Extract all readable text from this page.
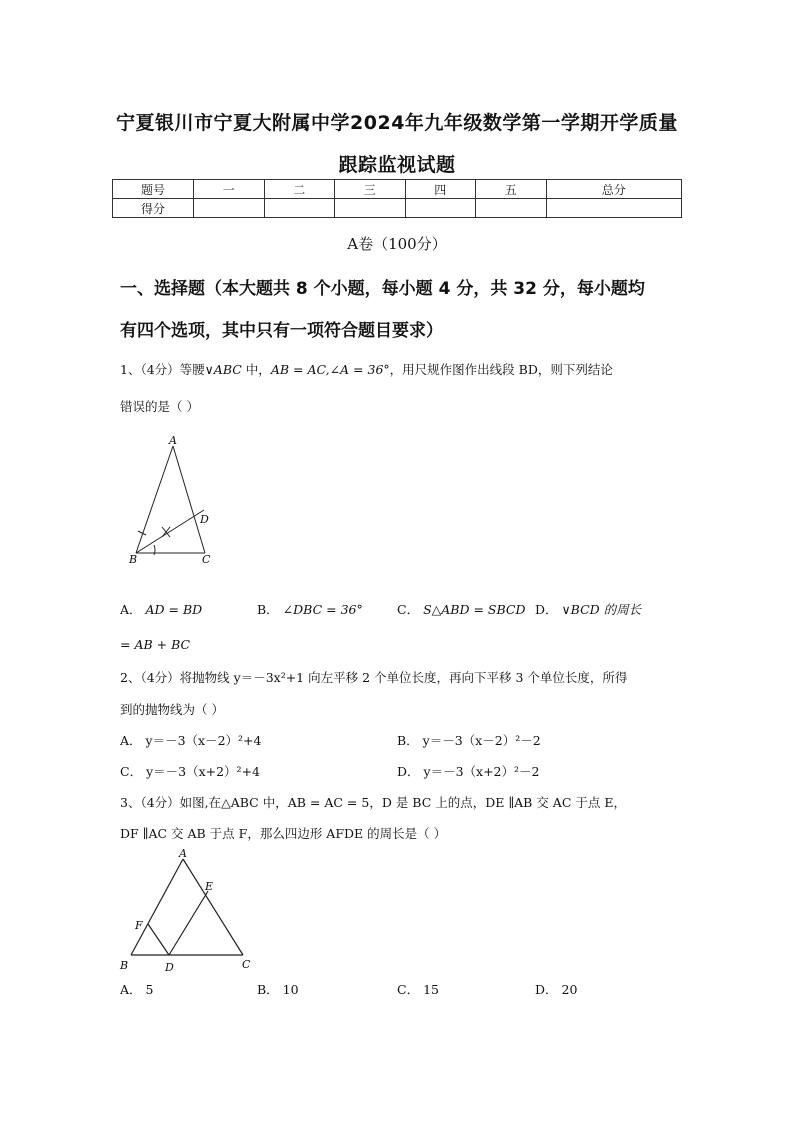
宁夏银川市宁夏大附属中学2024年九年级数学第一学期开学质量
跟踪监视试题
题号	一	二	三	四	五	总分
得分						
A卷（100分）
一、选择题（本大题共 8 个小题，每小题 4 分，共 32 分，每小题均
有四个选项，其中只有一项符合题目要求）
1、（4分）等腰∨ABC 中，AB = AC,∠A = 36°，用尺规作图作出线段 BD，则下列结论
错误的是（ ）
A
B	C
D
A． AD = BD	B． ∠DBC = 36°	C． S△ABD = SBCD D． ∨BCD 的周长
= AB + BC
2、（4分）将抛物线 y＝－3x²+1 向左平移 2 个单位长度，再向下平移 3 个单位长度，所得
到的抛物线为（ ）
A． y＝－3（x－2）²+4	B． y＝－3（x－2）²－2
C． y＝－3（x+2）²+4	D． y＝－3（x+2）²－2
3、（4分）如图,在△ABC 中，AB = AC = 5，D 是 BC 上的点，DE ∥AB 交 AC 于点 E，
DF ∥AC 交 AB 于点 F，那么四边形 AFDE 的周长是（ ）
A
E
F
B	D	C
A． 5	B． 10	C． 15	D． 20
